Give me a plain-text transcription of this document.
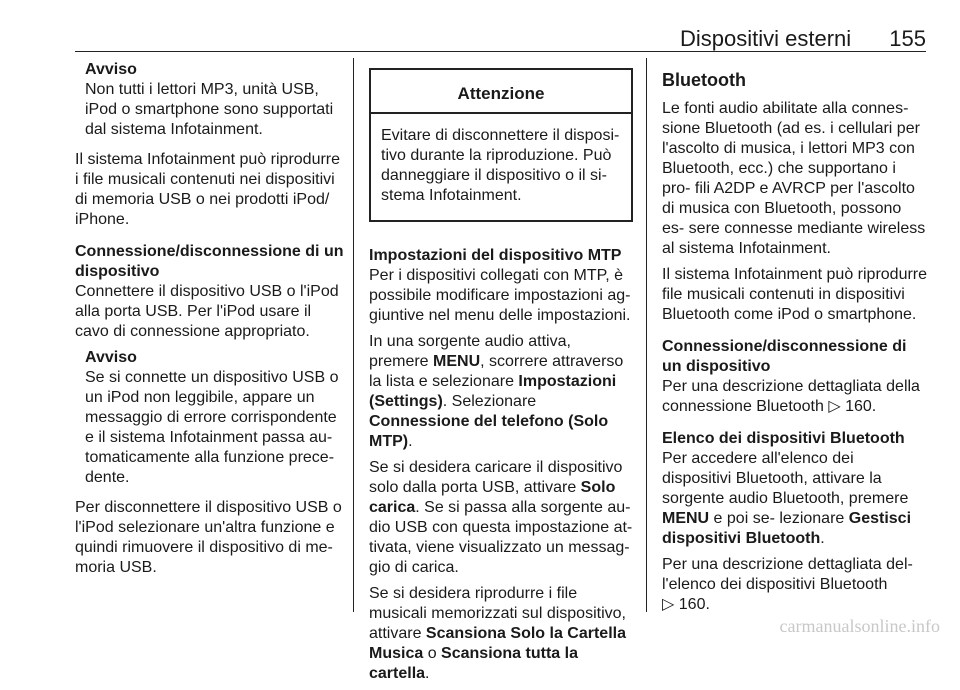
Dispositivi esterni 155
Avviso
Non tutti i lettori MP3, unità USB, iPod o smartphone sono supportati dal sistema Infotainment.

Il sistema Infotainment può riprodurre i file musicali contenuti nei dispositivi di memoria USB o nei prodotti iPod/ iPhone.

Connessione/disconnessione di un dispositivo

Connettere il dispositivo USB o l'iPod alla porta USB. Per l'iPod usare il cavo di connessione appropriato.

Avviso
Se si connette un dispositivo USB o un iPod non leggibile, appare un messaggio di errore corrispondente e il sistema Infotainment passa au- tomaticamente alla funzione prece- dente.

Per disconnettere il dispositivo USB o l'iPod selezionare un'altra funzione e quindi rimuovere il dispositivo di me- moria USB.

Attenzione
Evitare di disconnettere il disposi- tivo durante la riproduzione. Può danneggiare il dispositivo o il si- stema Infotainment.
Impostazioni del dispositivo MTP

Per i dispositivi collegati con MTP, è possibile modificare impostazioni ag- giuntive nel menu delle impostazioni.

In una sorgente audio attiva, premere MENU, scorrere attraverso la lista e selezionare Impostazioni (Settings). Selezionare Connessione del telefono (Solo MTP).

Se si desidera caricare il dispositivo solo dalla porta USB, attivare Solo carica. Se si passa alla sorgente au- dio USB con questa impostazione at- tivata, viene visualizzato un messag- gio di carica.

Se si desidera riprodurre i file musicali memorizzati sul dispositivo, attivare Scansiona Solo la Cartella Musica o Scansiona tutta la cartella.

Bluetooth

Le fonti audio abilitate alla connes- sione Bluetooth (ad es. i cellulari per l'ascolto di musica, i lettori MP3 con Bluetooth, ecc.) che supportano i pro- fili A2DP e AVRCP per l'ascolto di musica con Bluetooth, possono es- sere connesse mediante wireless al sistema Infotainment.

Il sistema Infotainment può riprodurre file musicali contenuti in dispositivi Bluetooth come iPod o smartphone.

Connessione/disconnessione di un dispositivo

Per una descrizione dettagliata della connessione Bluetooth ▷ 160.

Elenco dei dispositivi Bluetooth

Per accedere all'elenco dei dispositivi Bluetooth, attivare la sorgente audio Bluetooth, premere MENU e poi se- lezionare Gestisci dispositivi Bluetooth.

Per una descrizione dettagliata del- l'elenco dei dispositivi Bluetooth
▷ 160.

carmanualsonline.info
